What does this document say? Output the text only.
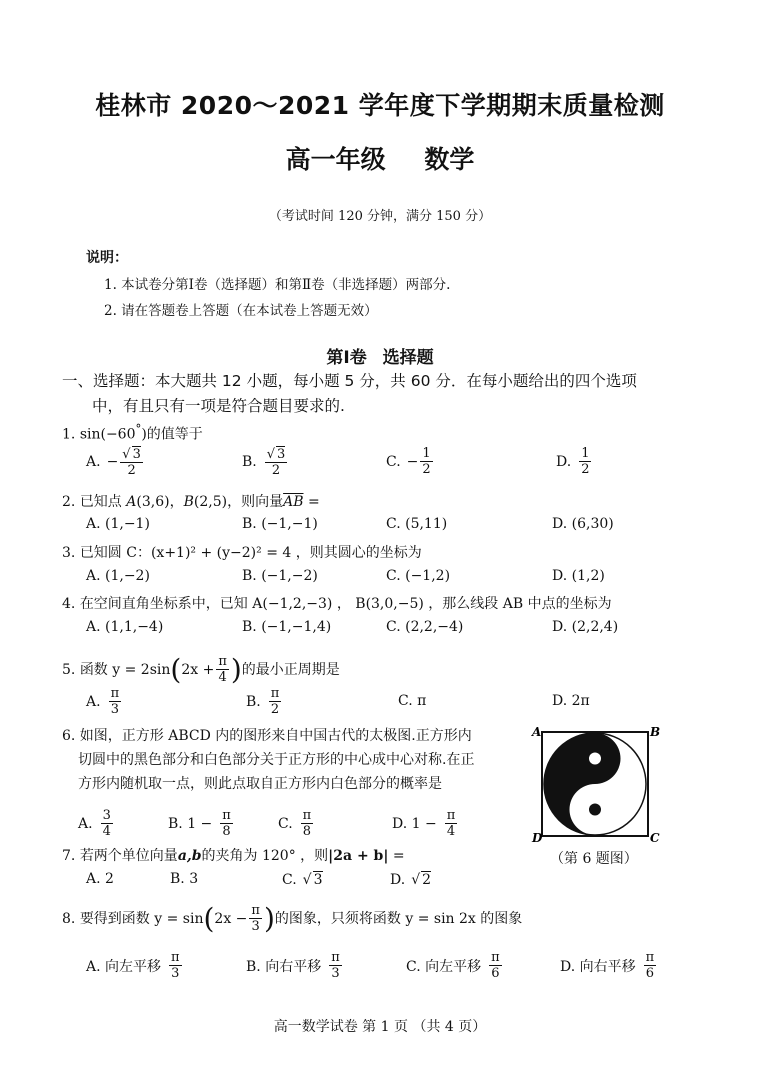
桂林市 2020～2021 学年度下学期期末质量检测
高一年级 数学
（考试时间 120 分钟，满分 150 分）
说明：
1. 本试卷分第Ⅰ卷（选择题）和第Ⅱ卷（非选择题）两部分.
2. 请在答题卷上答题（在本试卷上答题无效）
第Ⅰ卷 选择题
一、选择题：本大题共 12 小题，每小题 5 分，共 60 分．在每小题给出的四个选项
中，有且只有一项是符合题目要求的.
1. sin(−60°)的值等于
A. − $\frac{√ 3}{2}$	B. $\frac{√ 3}{2}$	C. − $\frac{1}{2}$	D. $\frac{1}{2}$
2. 已知点 A(3,6)，B(2,5)，则向量$\overline{AB}$ =
A. (1,−1)	B. (−1,−1)	C. (5,11)	D. (6,30)
3. 已知圆 C：(x+1)² + (y−2)² = 4 ，则其圆心的坐标为
A. (1,−2)	B. (−1,−2)	C. (−1,2)	D. (1,2)
4. 在空间直角坐标系中，已知 A(−1,2,−3) ， B(3,0,−5) ，那么线段 AB 中点的坐标为
A. (1,1,−4)	B. (−1,−1,4)	C. (2,2,−4)	D. (2,2,4)
5.
函数 y = 2sin ( $2x + \frac{\pi}{4}$ ) 的最小正周期是
A. $\frac{\pi}{3}$	B. $\frac{\pi}{2}$	C. π	D. 2π
6. 如图，正方形 ABCD 内的图形来自中国古代的太极图.正方形内
切圆中的黑色部分和白色部分关于正方形的中心成中心对称.在正
方形内随机取一点，则此点取自正方形内白色部分的概率是
A. $\frac{3}{4}$	B. $1 - \frac{\pi}{8}$	C. $\frac{\pi}{8}$	D. $1 - \frac{\pi}{4}$
A	B
C
D
（第 6 题图）
7. 若两个单位向量a,b的夹角为 120° ，则|2a + b| =
A. 2	B. 3	C. √ 3	D. √ 2
8.
要得到函数 y = sin ( $2x - \frac{\pi}{3}$ ) 的图象，只须将函数 y = sin 2x 的图象
A. 向左平移 $\frac{\pi}{3}$	B. 向右平移 $\frac{\pi}{3}$	C. 向左平移 $\frac{\pi}{6}$	D. 向右平移 $\frac{\pi}{6}$
高一数学试卷 第 1 页 （共 4 页）
